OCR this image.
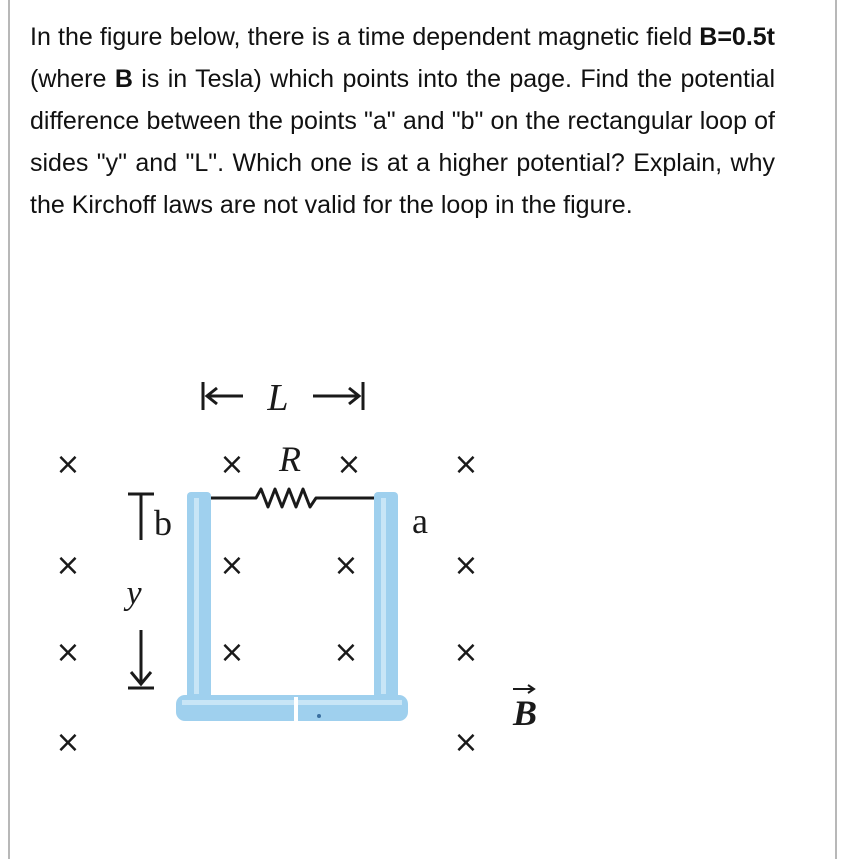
In the figure below, there is a time dependent magnetic field B=0.5t (where B is in Tesla) which points into the page. Find the potential difference between the points "a" and "b" on the rectangular loop of sides "y" and "L". Which one is at a higher potential? Explain, why the Kirchoff laws are not valid for the loop in the figure.
L
×
×
×
×
×	×
×	×
×	×
×
×
×
×
R
a
b
y
B
